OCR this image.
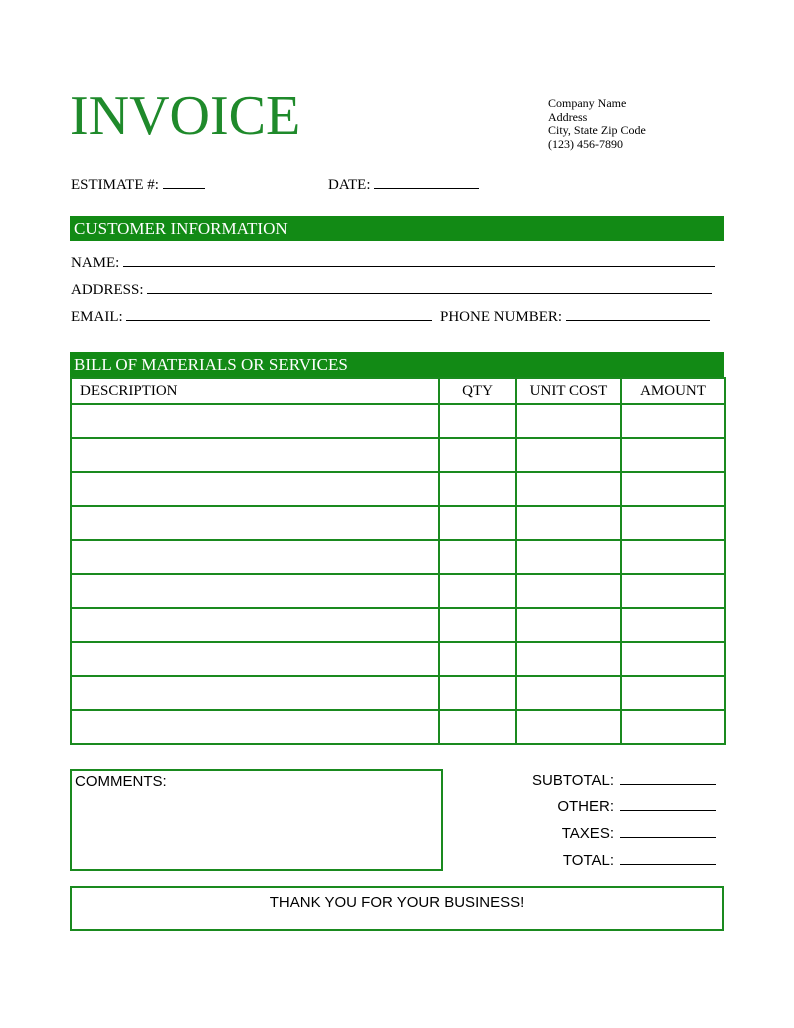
INVOICE	Company Name
Address
City, State Zip Code
(123) 456-7890
ESTIMATE #:	DATE:
CUSTOMER INFORMATION
NAME:
ADDRESS:
EMAIL:	PHONE NUMBER:
BILL OF MATERIALS OR SERVICES
DESCRIPTION	QTY	UNIT COST	AMOUNT

COMMENTS:	SUBTOTAL:
OTHER:
TAXES:
TOTAL:
THANK YOU FOR YOUR BUSINESS!
